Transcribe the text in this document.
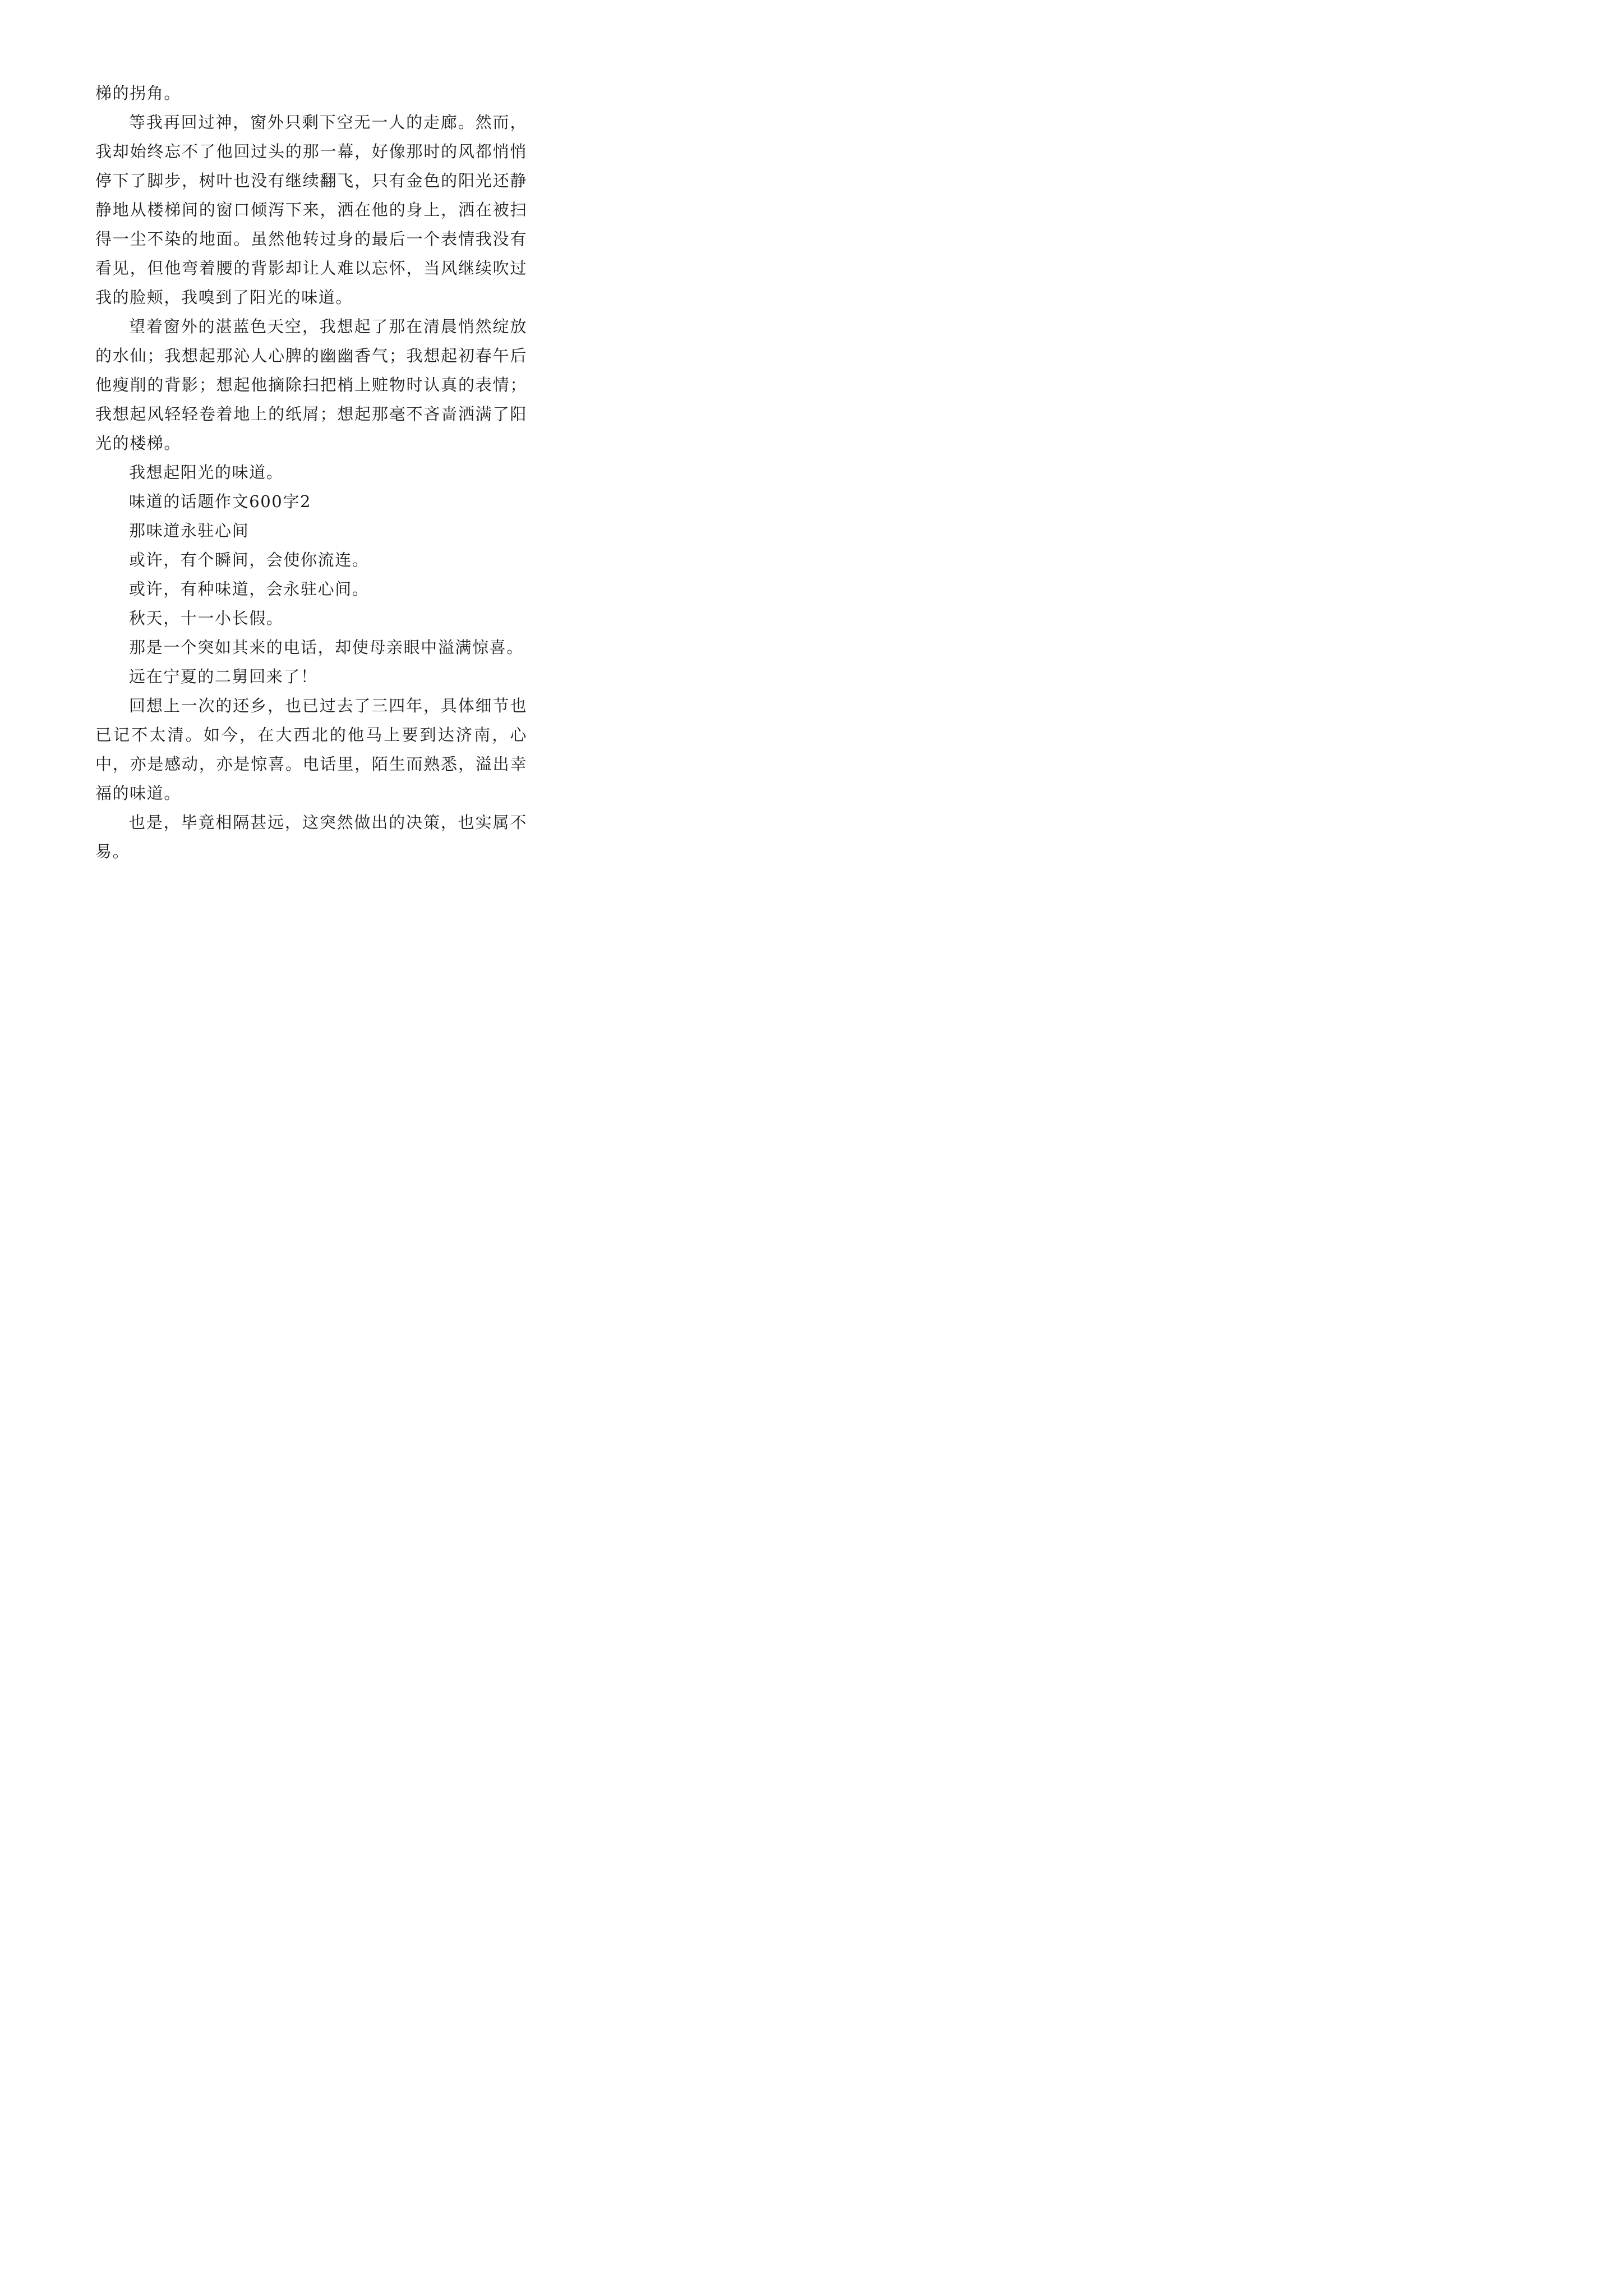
梯的拐角。

等我再回过神，窗外只剩下空无一人的走廊。然而，我却始终忘不了他回过头的那一幕，好像那时的风都悄悄停下了脚步，树叶也没有继续翻飞，只有金色的阳光还静静地从楼梯间的窗口倾泻下来，洒在他的身上，洒在被扫得一尘不染的地面。虽然他转过身的最后一个表情我没有看见，但他弯着腰的背影却让人难以忘怀，当风继续吹过我的脸颊，我嗅到了阳光的味道。

望着窗外的湛蓝色天空，我想起了那在清晨悄然绽放的水仙；我想起那沁人心脾的幽幽香气；我想起初春午后他瘦削的背影；想起他摘除扫把梢上赃物时认真的表情；我想起风轻轻卷着地上的纸屑；想起那毫不吝啬洒满了阳光的楼梯。

我想起阳光的味道。

味道的话题作文600字2

那味道永驻心间

或许，有个瞬间，会使你流连。

或许，有种味道，会永驻心间。

秋天，十一小长假。

那是一个突如其来的电话，却使母亲眼中溢满惊喜。

远在宁夏的二舅回来了！

回想上一次的还乡，也已过去了三四年，具体细节也已记不太清。如今，在大西北的他马上要到达济南，心中，亦是感动，亦是惊喜。电话里，陌生而熟悉，溢出幸福的味道。

也是，毕竟相隔甚远，这突然做出的决策，也实属不易。
